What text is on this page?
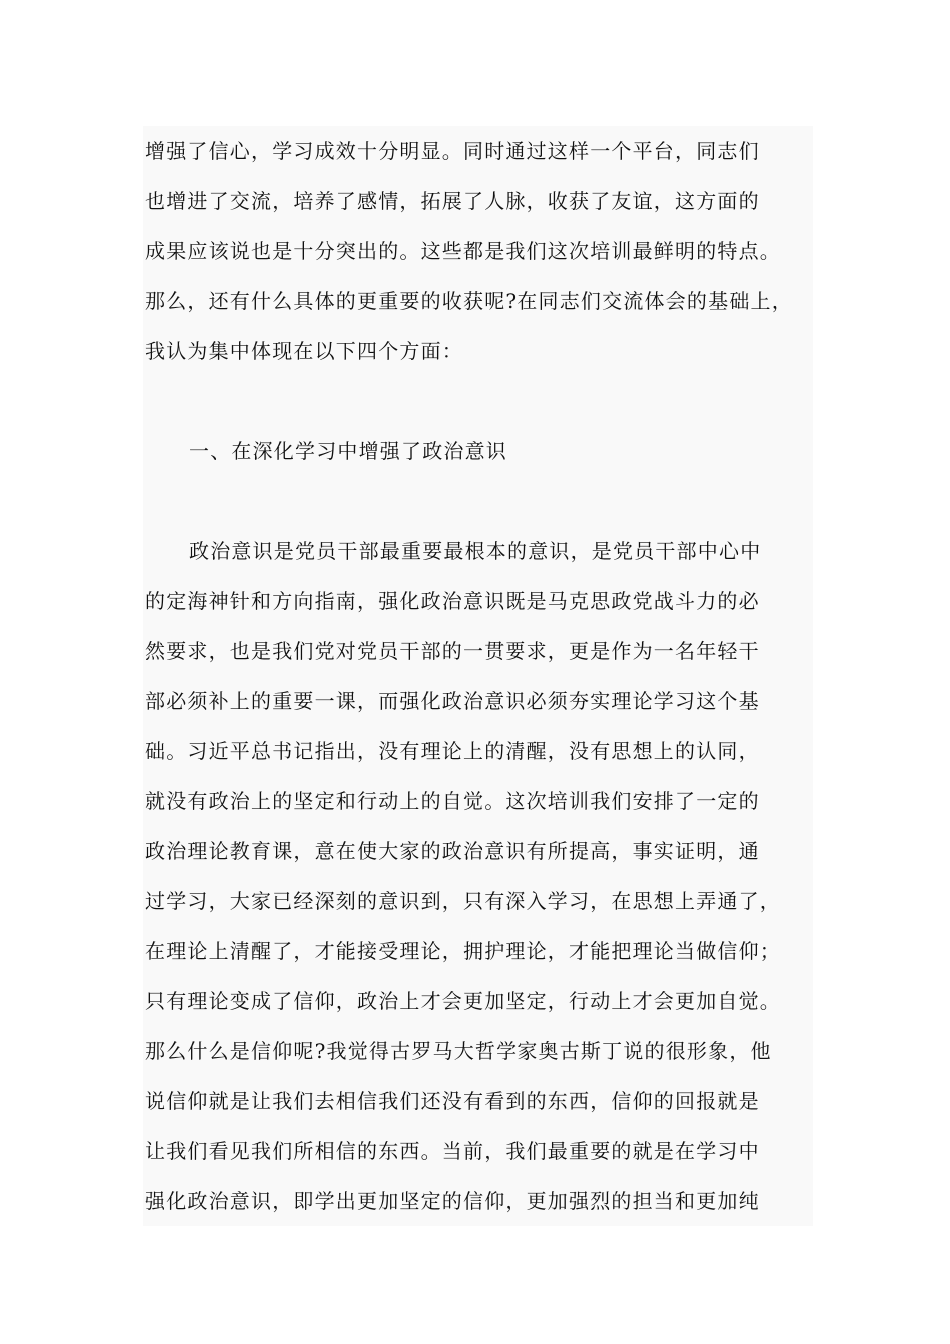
增强了信心，学习成效十分明显。同时通过这样一个平台，同志们
也增进了交流，培养了感情，拓展了人脉，收获了友谊，这方面的
成果应该说也是十分突出的。这些都是我们这次培训最鲜明的特点。
那么，还有什么具体的更重要的收获呢?在同志们交流体会的基础上，
我认为集中体现在以下四个方面：
一、在深化学习中增强了政治意识
政治意识是党员干部最重要最根本的意识，是党员干部中心中
的定海神针和方向指南，强化政治意识既是马克思政党战斗力的必
然要求，也是我们党对党员干部的一贯要求，更是作为一名年轻干
部必须补上的重要一课，而强化政治意识必须夯实理论学习这个基
础。习近平总书记指出，没有理论上的清醒，没有思想上的认同，
就没有政治上的坚定和行动上的自觉。这次培训我们安排了一定的
政治理论教育课，意在使大家的政治意识有所提高，事实证明，通
过学习，大家已经深刻的意识到，只有深入学习，在思想上弄通了，
在理论上清醒了，才能接受理论，拥护理论，才能把理论当做信仰；
只有理论变成了信仰，政治上才会更加坚定，行动上才会更加自觉。
那么什么是信仰呢?我觉得古罗马大哲学家奥古斯丁说的很形象，他
说信仰就是让我们去相信我们还没有看到的东西，信仰的回报就是
让我们看见我们所相信的东西。当前，我们最重要的就是在学习中
强化政治意识，即学出更加坚定的信仰，更加强烈的担当和更加纯
